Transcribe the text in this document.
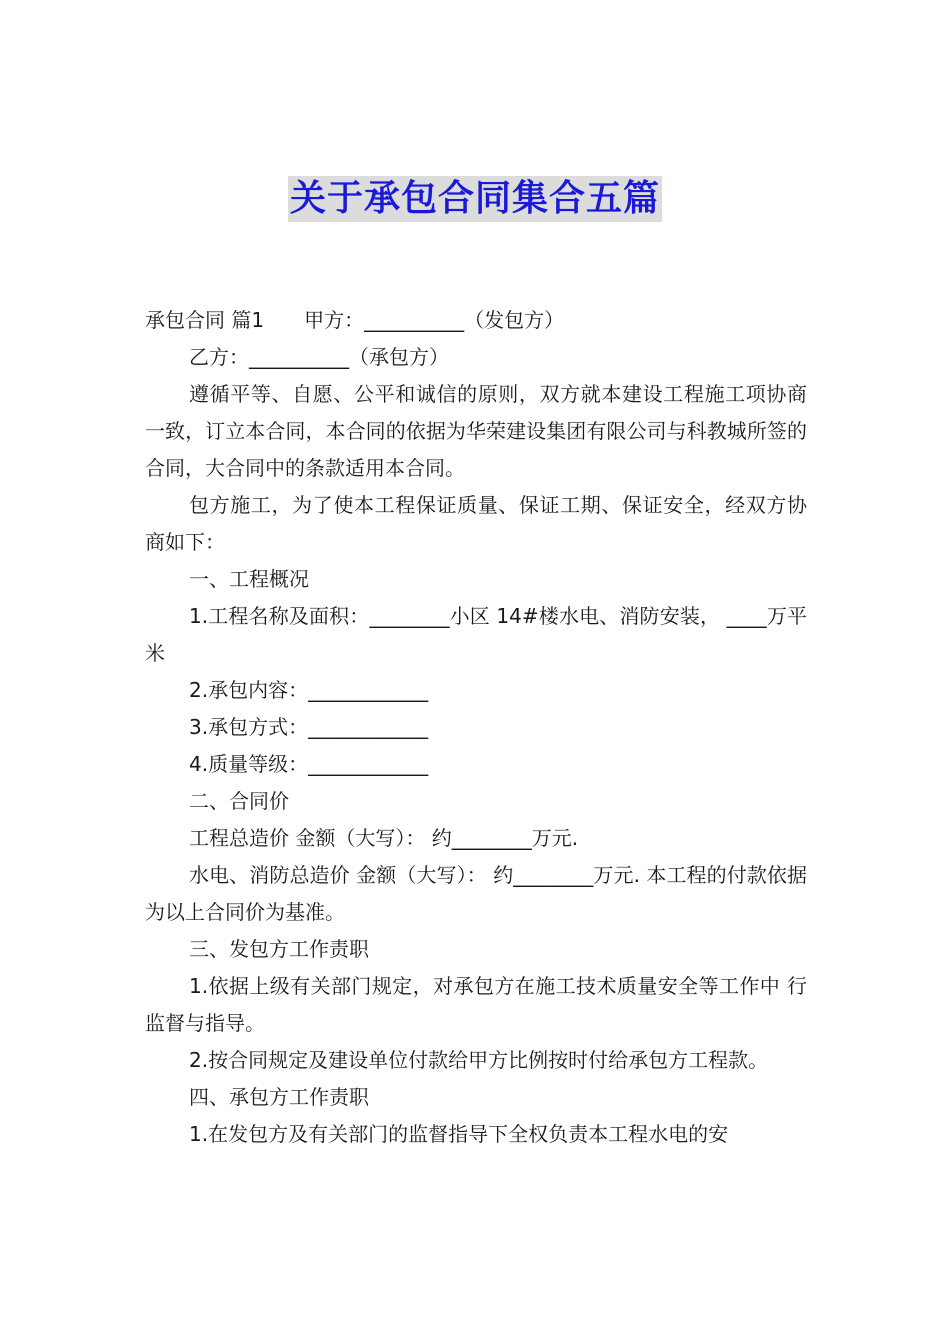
关于承包合同集合五篇

承包合同 篇1 甲方：__________（发包方）

乙方：__________（承包方）

遵循平等、自愿、公平和诚信的原则，双方就本建设工程施工项协商一致，订立本合同，本合同的依据为华荣建设集团有限公司与科教城所签的合同，大合同中的条款适用本合同。

包方施工，为了使本工程保证质量、保证工期、保证安全，经双方协商如下：

一、工程概况

1.工程名称及面积：________小区 14#楼水电、消防安装， ____万平米

2.承包内容：____________

3.承包方式：____________

4.质量等级：____________

二、合同价

工程总造价 金额（大写）： 约________万元.

水电、消防总造价 金额（大写）： 约________万元. 本工程的付款依据为以上合同价为基准。

三、发包方工作责职

1.依据上级有关部门规定，对承包方在施工技术质量安全等工作中 行监督与指导。

2.按合同规定及建设单位付款给甲方比例按时付给承包方工程款。

四、承包方工作责职

1.在发包方及有关部门的监督指导下全权负责本工程水电的安
